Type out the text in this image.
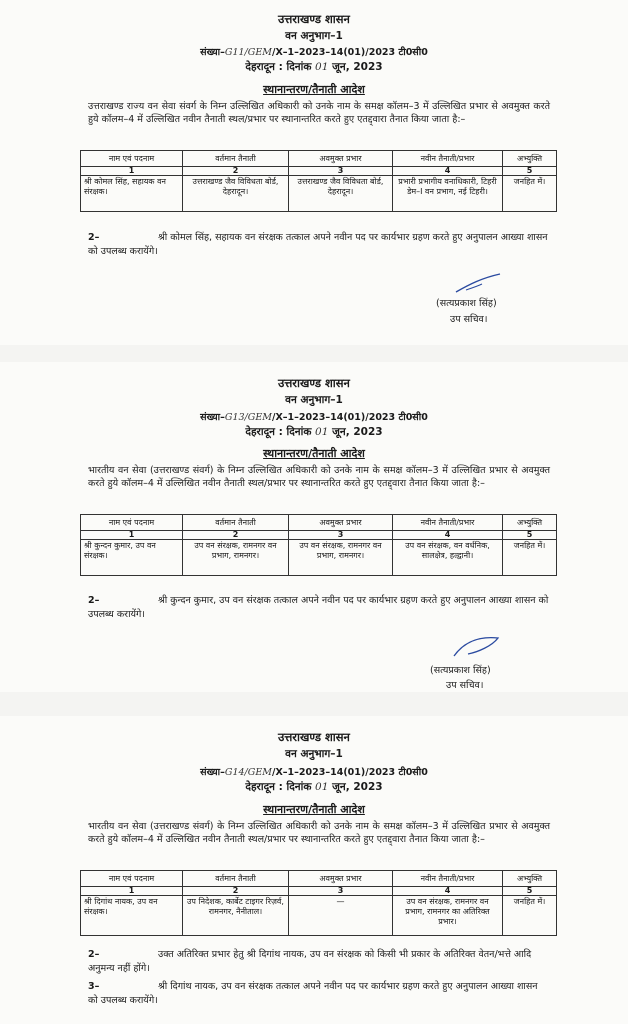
उत्तराखण्ड शासन
वन अनुभाग–1
संख्या–G11/GEM/X–1–2023–14(01)/2023 टी0सी0
देहरादून : दिनांक 01 जून, 2023
स्थानान्तरण/तैनाती आदेश
उत्तराखण्ड राज्य वन सेवा संवर्ग के निम्न उल्लिखित अधिकारी को उनके नाम के समक्ष कॉलम–3 में उल्लिखित प्रभार से अवमुक्त करते हुये कॉलम–4 में उल्लिखित नवीन तैनाती स्थल/प्रभार पर स्थानान्तरित करते हुए एतद्द्वारा तैनात किया जाता है:–
नाम एवं पदनाम	वर्तमान तैनाती	अवमुक्त प्रभार	नवीन तैनाती/प्रभार	अभ्युक्ति
1	2	3	4	5
श्री कोमल सिंह, सहायक वन संरक्षक।	उत्तराखण्ड जैव विविधता बोर्ड, देहरादून।	उत्तराखण्ड जैव विविधता बोर्ड, देहरादून।	प्रभारी प्रभागीय वनाधिकारी, टिहरी डेम–I वन प्रभाग, नई टिहरी।	जनहित में।
2–	श्री कोमल सिंह, सहायक वन संरक्षक तत्काल अपने नवीन पद पर कार्यभार ग्रहण करते हुए अनुपालन आख्या शासन को उपलब्ध करायेंगे।
(सत्यप्रकाश सिंह)
उप सचिव।
उत्तराखण्ड शासन
वन अनुभाग–1
संख्या–G13/GEM/X–1–2023–14(01)/2023 टी0सी0
देहरादून : दिनांक 01 जून, 2023
स्थानान्तरण/तैनाती आदेश
भारतीय वन सेवा (उत्तराखण्ड संवर्ग) के निम्न उल्लिखित अधिकारी को उनके नाम के समक्ष कॉलम–3 में उल्लिखित प्रभार से अवमुक्त करते हुये कॉलम–4 में उल्लिखित नवीन तैनाती स्थल/प्रभार पर स्थानान्तरित करते हुए एतद्द्वारा तैनात किया जाता है:–
नाम एवं पदनाम	वर्तमान तैनाती	अवमुक्त प्रभार	नवीन तैनाती/प्रभार	अभ्युक्ति
1	2	3	4	5
श्री कुन्दन कुमार, उप वन संरक्षक।	उप वन संरक्षक, रामनगर वन प्रभाग, रामनगर।	उप वन संरक्षक, रामनगर वन प्रभाग, रामनगर।	उप वन संरक्षक, वन वर्धनिक, सालक्षेत्र, हल्द्वानी।	जनहित में।
2–	श्री कुन्दन कुमार, उप वन संरक्षक तत्काल अपने नवीन पद पर कार्यभार ग्रहण करते हुए अनुपालन आख्या शासन को उपलब्ध करायेंगे।
(सत्यप्रकाश सिंह)
उप सचिव।
उत्तराखण्ड शासन
वन अनुभाग–1
संख्या–G14/GEM/X–1–2023–14(01)/2023 टी0सी0
देहरादून : दिनांक 01 जून, 2023
स्थानान्तरण/तैनाती आदेश
भारतीय वन सेवा (उत्तराखण्ड संवर्ग) के निम्न उल्लिखित अधिकारी को उनके नाम के समक्ष कॉलम–3 में उल्लिखित प्रभार से अवमुक्त करते हुये कॉलम–4 में उल्लिखित नवीन तैनाती स्थल/प्रभार पर स्थानान्तरित करते हुए एतद्द्वारा तैनात किया जाता है:–
नाम एवं पदनाम	वर्तमान तैनाती	अवमुक्त प्रभार	नवीन तैनाती/प्रभार	अभ्युक्ति
1	2	3	4	5
श्री दिगांथ नायक, उप वन संरक्षक।	उप निदेशक, कार्बेट टाइगर रिज़र्व, रामनगर, नैनीताल।	—	उप वन संरक्षक, रामनगर वन प्रभाग, रामनगर का अतिरिक्त प्रभार।	जनहित में।
2–	उक्त अतिरिक्त प्रभार हेतु श्री दिगांथ नायक, उप वन संरक्षक को किसी भी प्रकार के अतिरिक्त वेतन/भत्ते आदि अनुमन्य नहीं होंगे।
3–	श्री दिगांथ नायक, उप वन संरक्षक तत्काल अपने नवीन पद पर कार्यभार ग्रहण करते हुए अनुपालन आख्या शासन को उपलब्ध करायेंगे।
